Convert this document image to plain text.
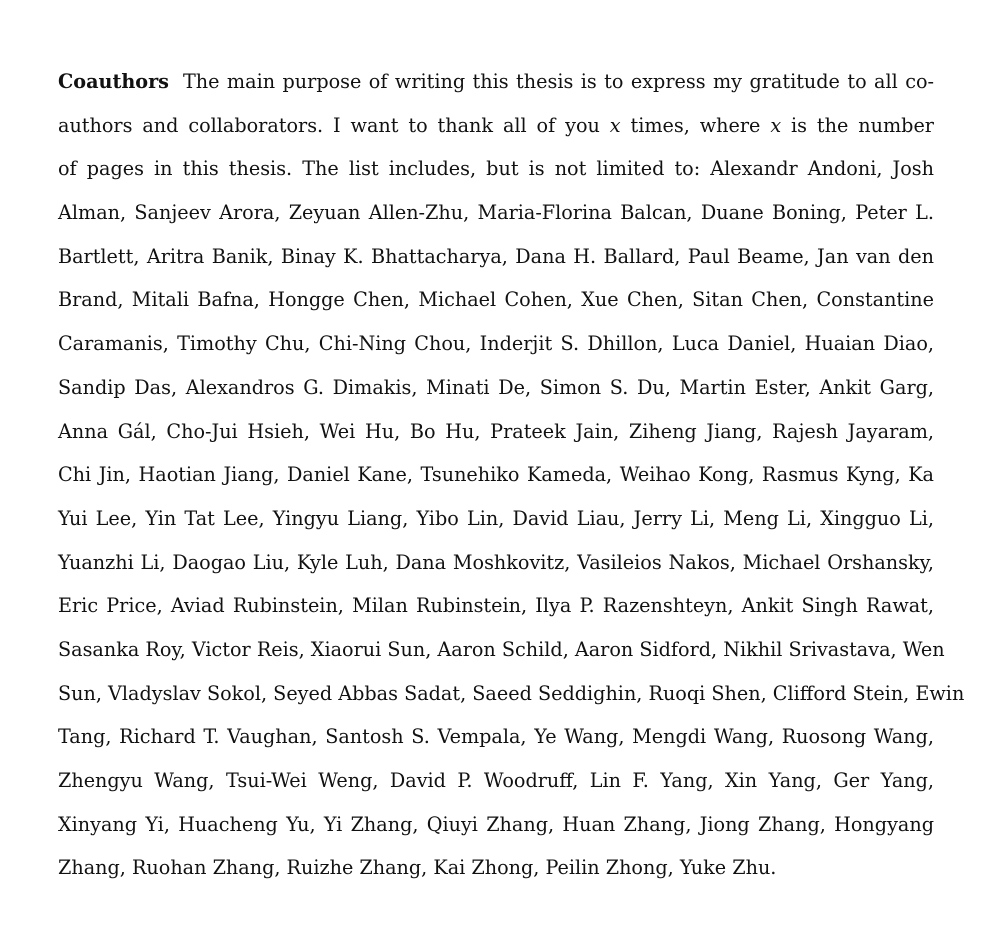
Coauthors The main purpose of writing this thesis is to express my gratitude to all co-
authors and collaborators. I want to thank all of you x times, where x is the number
of pages in this thesis. The list includes, but is not limited to: Alexandr Andoni, Josh
Alman, Sanjeev Arora, Zeyuan Allen-Zhu, Maria-Florina Balcan, Duane Boning, Peter L.
Bartlett, Aritra Banik, Binay K. Bhattacharya, Dana H. Ballard, Paul Beame, Jan van den
Brand, Mitali Bafna, Hongge Chen, Michael Cohen, Xue Chen, Sitan Chen, Constantine
Caramanis, Timothy Chu, Chi-Ning Chou, Inderjit S. Dhillon, Luca Daniel, Huaian Diao,
Sandip Das, Alexandros G. Dimakis, Minati De, Simon S. Du, Martin Ester, Ankit Garg,
Anna Gál, Cho-Jui Hsieh, Wei Hu, Bo Hu, Prateek Jain, Ziheng Jiang, Rajesh Jayaram,
Chi Jin, Haotian Jiang, Daniel Kane, Tsunehiko Kameda, Weihao Kong, Rasmus Kyng, Ka
Yui Lee, Yin Tat Lee, Yingyu Liang, Yibo Lin, David Liau, Jerry Li, Meng Li, Xingguo Li,
Yuanzhi Li, Daogao Liu, Kyle Luh, Dana Moshkovitz, Vasileios Nakos, Michael Orshansky,
Eric Price, Aviad Rubinstein, Milan Rubinstein, Ilya P. Razenshteyn, Ankit Singh Rawat,
Sasanka Roy, Victor Reis, Xiaorui Sun, Aaron Schild, Aaron Sidford, Nikhil Srivastava, Wen
Sun, Vladyslav Sokol, Seyed Abbas Sadat, Saeed Seddighin, Ruoqi Shen, Clifford Stein, Ewin
Tang, Richard T. Vaughan, Santosh S. Vempala, Ye Wang, Mengdi Wang, Ruosong Wang,
Zhengyu Wang, Tsui-Wei Weng, David P. Woodruff, Lin F. Yang, Xin Yang, Ger Yang,
Xinyang Yi, Huacheng Yu, Yi Zhang, Qiuyi Zhang, Huan Zhang, Jiong Zhang, Hongyang
Zhang, Ruohan Zhang, Ruizhe Zhang, Kai Zhong, Peilin Zhong, Yuke Zhu.
